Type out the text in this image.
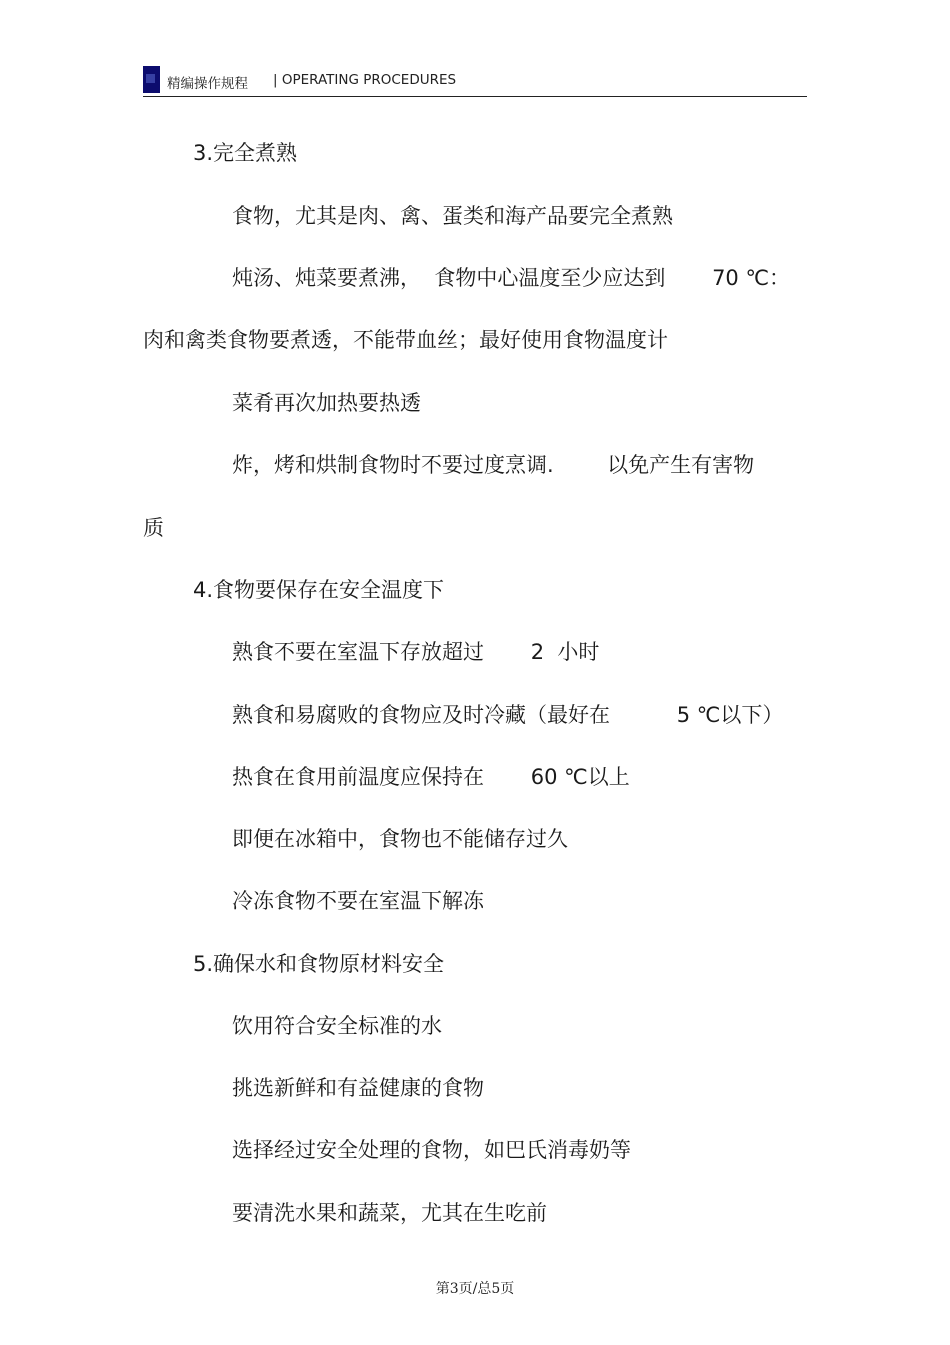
精编操作规程 | OPERATING PROCEDURES
3.完全煮熟
食物，尤其是肉、禽、蛋类和海产品要完全煮熟
炖汤、炖菜要煮沸，  食物中心温度至少应达到       70 ℃：
肉和禽类食物要煮透，不能带血丝；最好使用食物温度计
菜肴再次加热要热透
炸，烤和烘制食物时不要过度烹调.        以免产生有害物
质
4.食物要保存在安全温度下
熟食不要在室温下存放超过       2  小时
熟食和易腐败的食物应及时冷藏（最好在          5 ℃以下）
热食在食用前温度应保持在       60 ℃以上
即便在冰箱中，食物也不能储存过久
冷冻食物不要在室温下解冻
5.确保水和食物原材料安全
饮用符合安全标准的水
挑选新鲜和有益健康的食物
选择经过安全处理的食物，如巴氏消毒奶等
要清洗水果和蔬菜，尤其在生吃前
第3页/总5页
